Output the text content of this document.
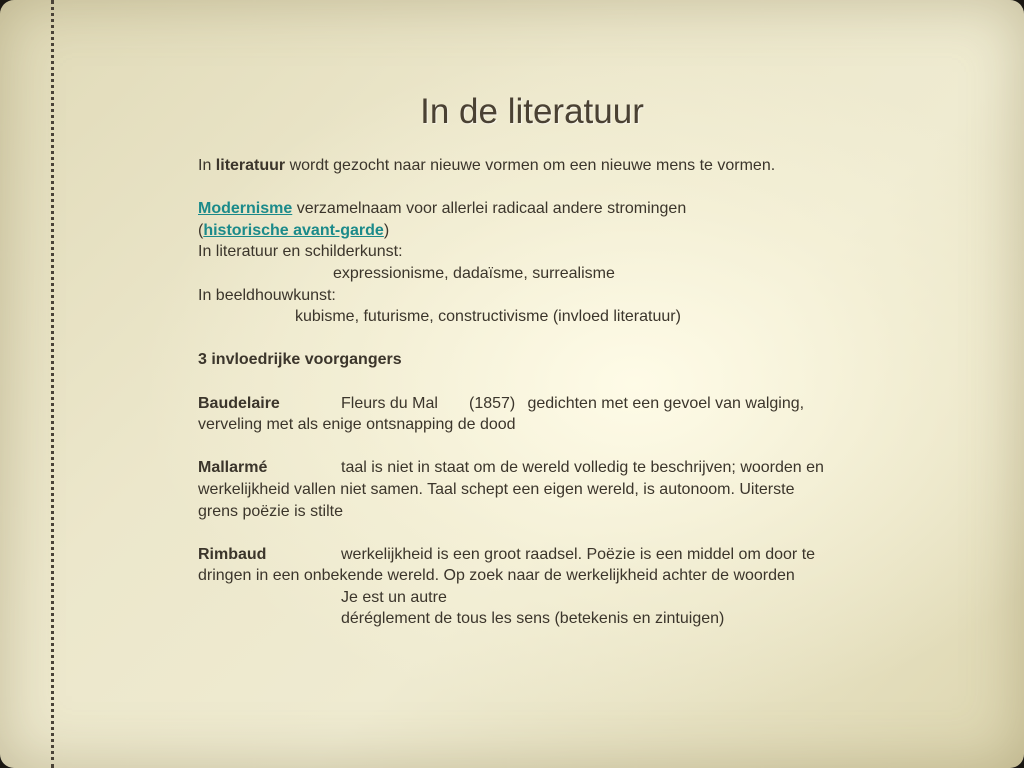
In de literatuur

In literatuur wordt gezocht naar nieuwe vormen om een nieuwe mens te vormen.

Modernisme verzamelnaam voor allerlei radicaal andere stromingen
(historische avant-garde)

In literatuur en schilderkunst:

expressionisme, dadaïsme, surrealisme

In beeldhouwkunst:

kubisme, futurisme, constructivisme (invloed literatuur)

3 invloedrijke voorgangers

Baudelaire	Fleurs du Mal (1857) gedichten met een gevoel van walging, verveling met als enige ontsnapping de dood

Mallarmé	taal is niet in staat om de wereld volledig te beschrijven; woorden en werkelijkheid vallen niet samen. Taal schept een eigen wereld, is autonoom. Uiterste grens poëzie is stilte

Rimbaud	werkelijkheid is een groot raadsel. Poëzie is een middel om door te dringen in een onbekende wereld. Op zoek naar de werkelijkheid achter de woorden

Je est un autre

déréglement de tous les sens (betekenis en zintuigen)
